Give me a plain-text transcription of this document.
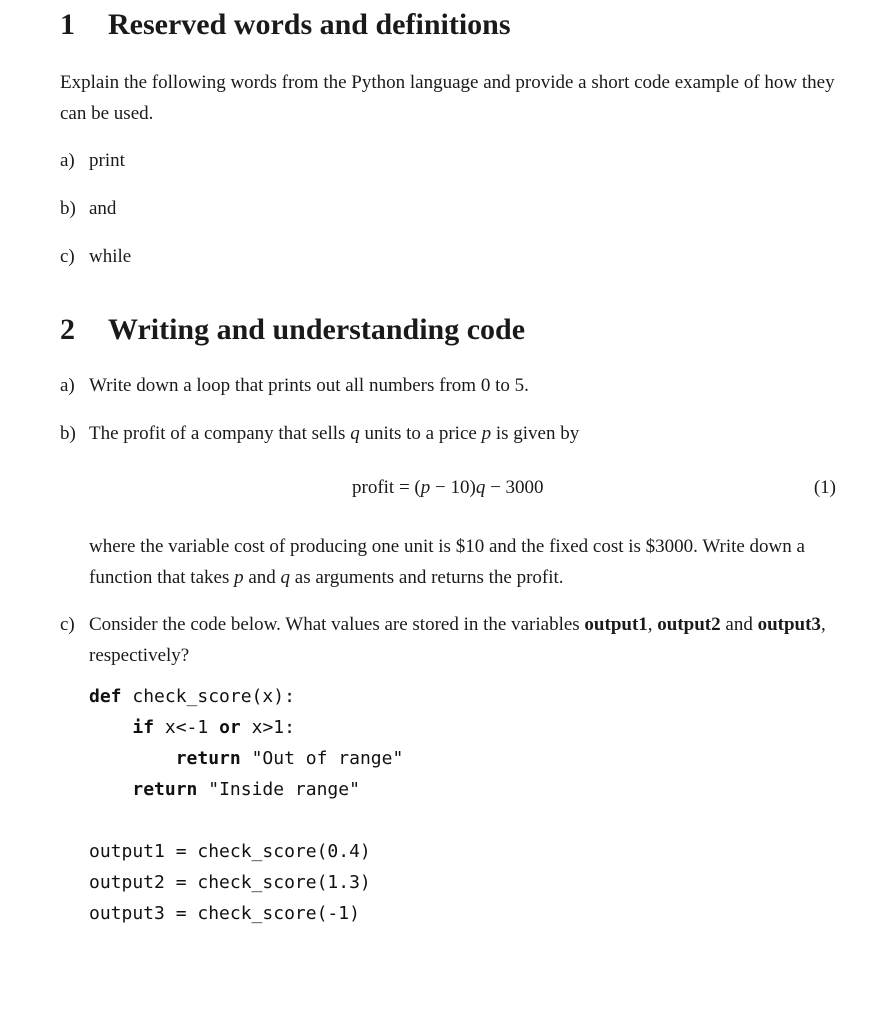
1 Reserved words and definitions
Explain the following words from the Python language and provide a short code example of how they can be used.
a) print
b) and
c) while
2 Writing and understanding code
a) Write down a loop that prints out all numbers from 0 to 5.
b) The profit of a company that sells q units to a price p is given by
profit = (p − 10)q − 3000	(1)
where the variable cost of producing one unit is $10 and the fixed cost is $3000. Write down a function that takes p and q as arguments and returns the profit.
c) Consider the code below. What values are stored in the variables output1, output2 and output3, respectively?
def check_score(x):
if x<-1 or x>1:
return "Out of range"
return "Inside range"
output1 = check_score(0.4)
output2 = check_score(1.3)
output3 = check_score(-1)
